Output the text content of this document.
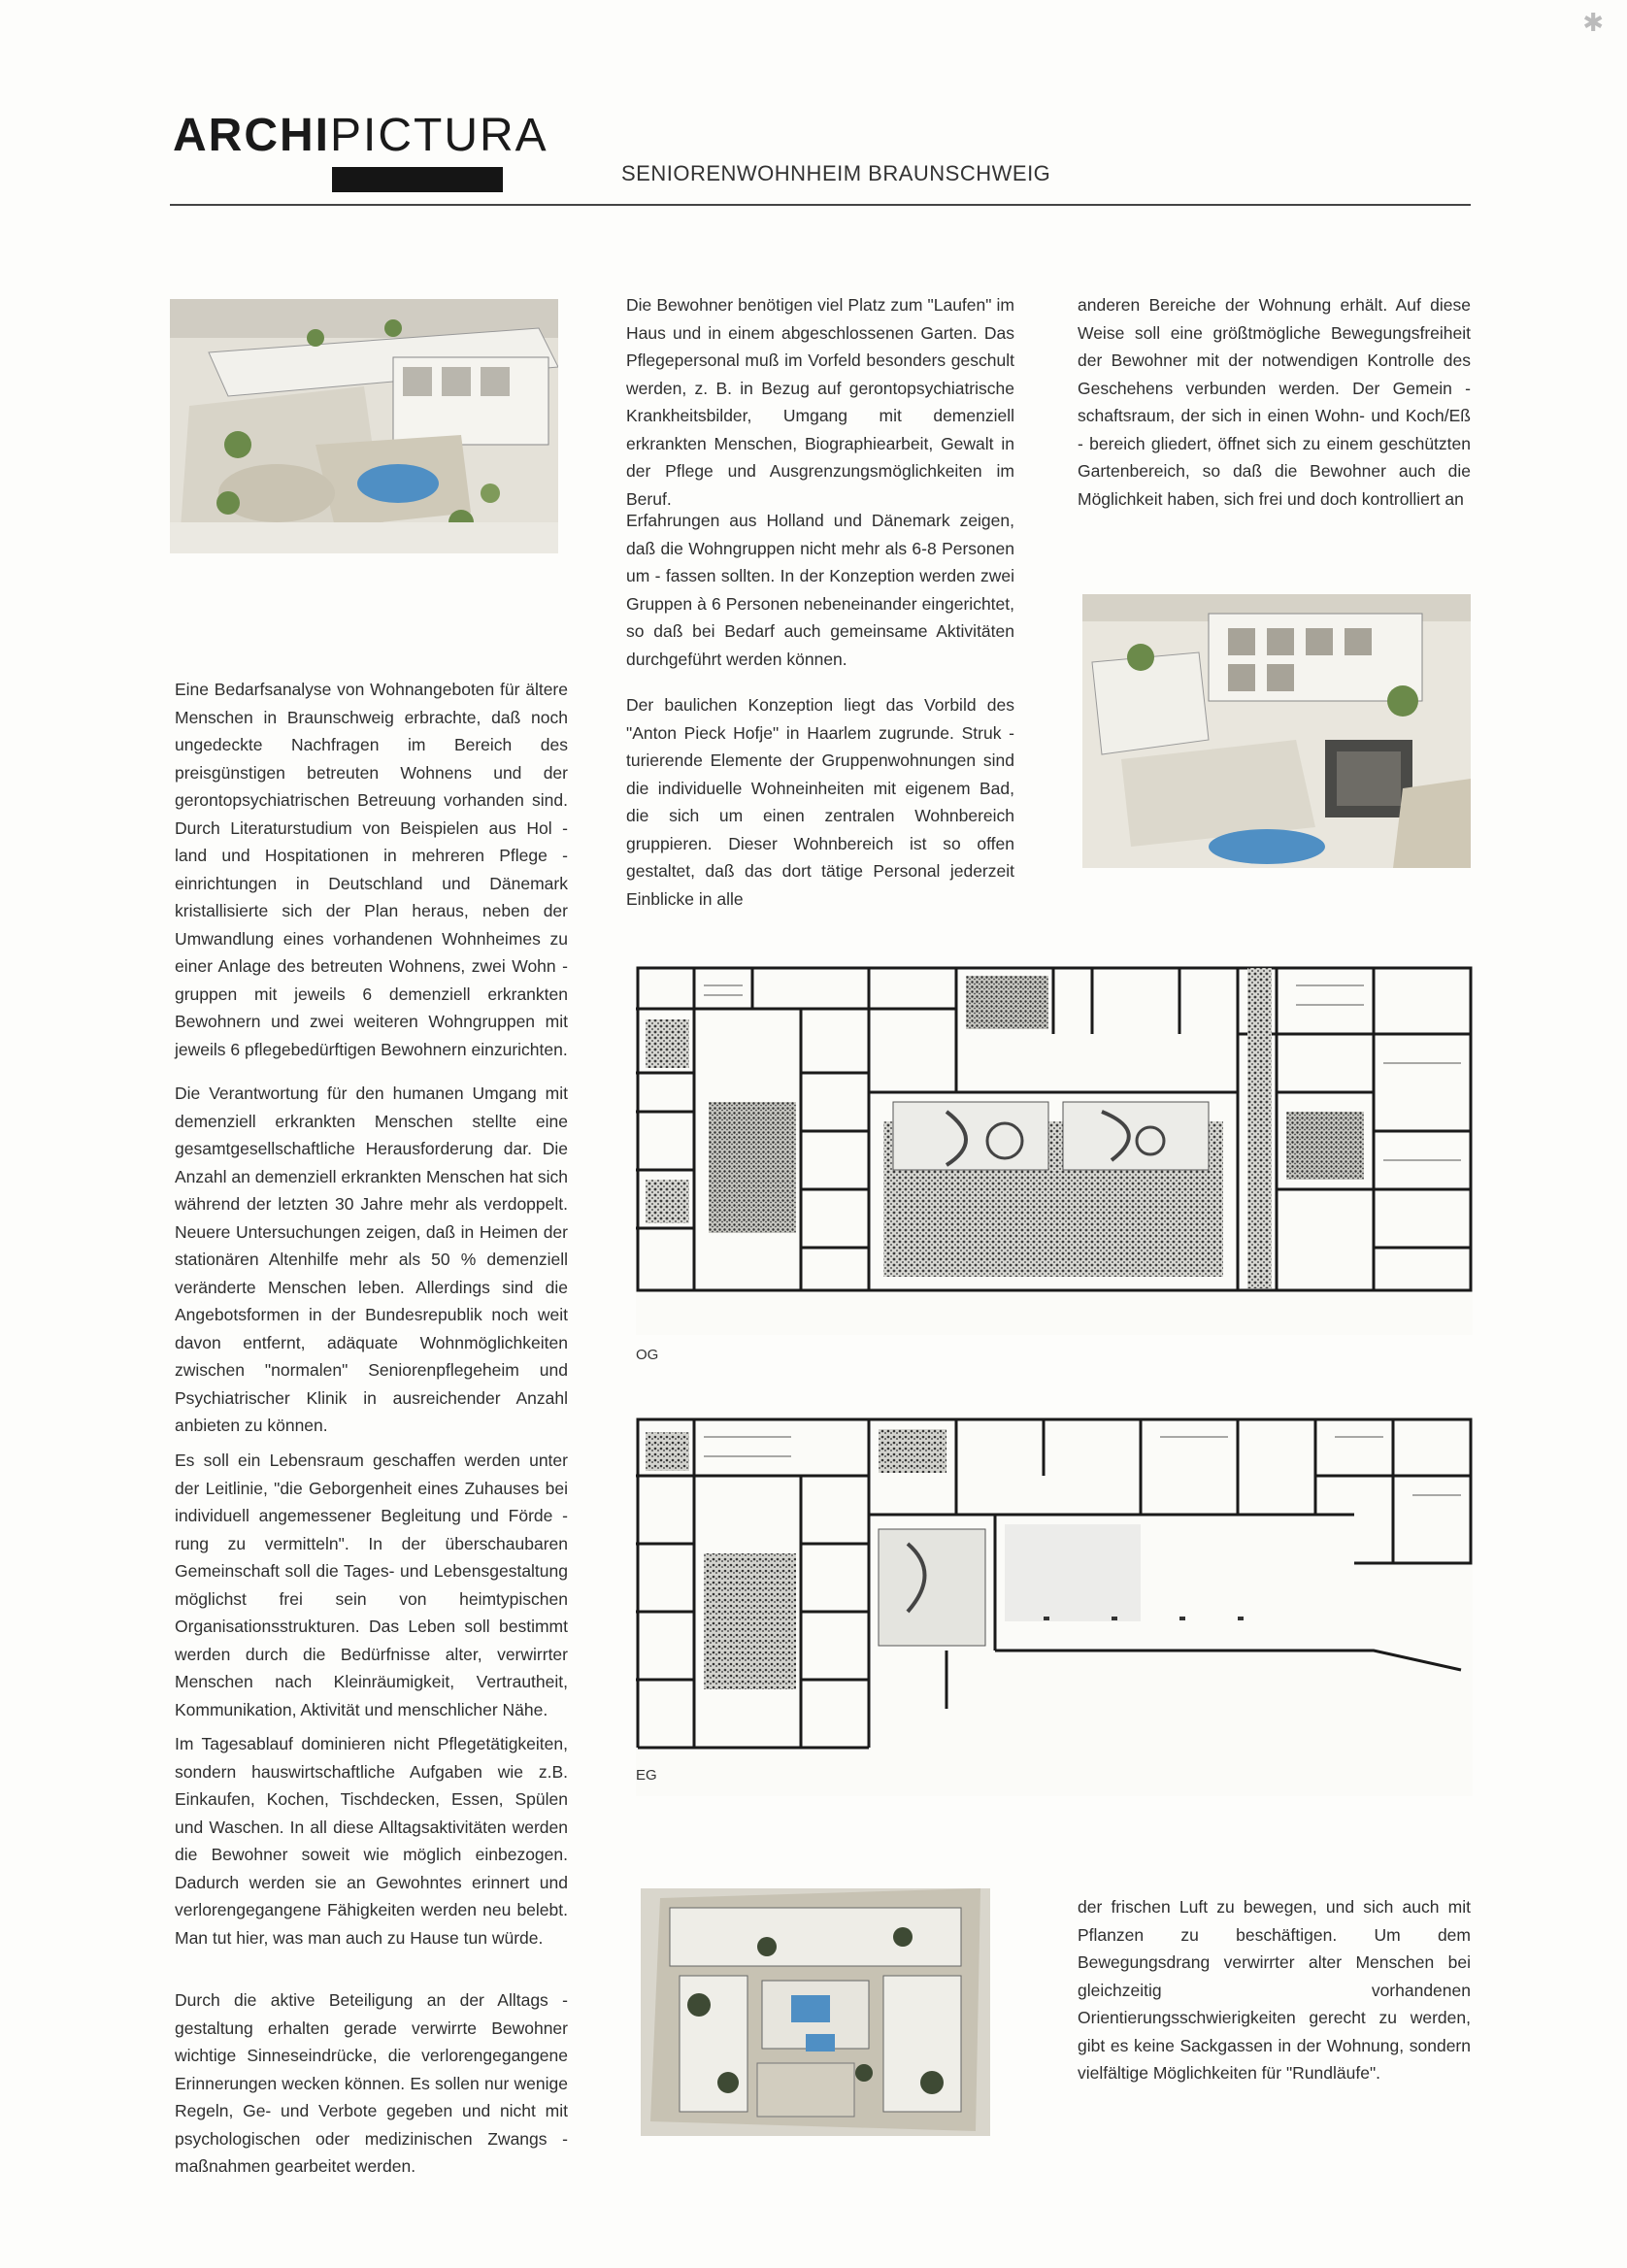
ARCHIPICTURA
SENIORENWOHNHEIM BRAUNSCHWEIG
✱

Eine Bedarfsanalyse von Wohnangeboten für ältere Menschen in Braunschweig erbrachte, daß noch ungedeckte Nachfragen im Bereich des preisgünstigen betreuten Wohnens und der gerontopsychiatrischen Betreuung vorhanden sind. Durch Literaturstudium von Beispielen aus Hol - land und Hospitationen in mehreren Pflege - einrichtungen in Deutschland und Dänemark kristallisierte sich der Plan heraus, neben der Umwandlung eines vorhandenen Wohnheimes zu einer Anlage des betreuten Wohnens, zwei Wohn - gruppen mit jeweils 6 demenziell erkrankten Bewohnern und zwei weiteren Wohngruppen mit jeweils 6 pflegebedürftigen Bewohnern einzurichten.

Die Verantwortung für den humanen Umgang mit demenziell erkrankten Menschen stellte eine gesamtgesellschaftliche Herausforderung dar. Die Anzahl an demenziell erkrankten Menschen hat sich während der letzten 30 Jahre mehr als verdoppelt. Neuere Untersuchungen zeigen, daß in Heimen der stationären Altenhilfe mehr als 50 % demenziell veränderte Menschen leben. Allerdings sind die Angebotsformen in der Bundesrepublik noch weit davon entfernt, adäquate Wohnmöglichkeiten zwischen "normalen" Seniorenpflegeheim und Psychiatrischer Klinik in ausreichender Anzahl anbieten zu können.

Es soll ein Lebensraum geschaffen werden unter der Leitlinie, "die Geborgenheit eines Zuhauses bei individuell angemessener Begleitung und Förde - rung zu vermitteln". In der überschaubaren Gemeinschaft soll die Tages- und Lebensgestaltung möglichst frei sein von heimtypischen Organisationsstrukturen. Das Leben soll bestimmt werden durch die Bedürfnisse alter, verwirrter Menschen nach Kleinräumigkeit, Vertrautheit, Kommunikation, Aktivität und menschlicher Nähe.

Im Tagesablauf dominieren nicht Pflegetätigkeiten, sondern hauswirtschaftliche Aufgaben wie z.B. Einkaufen, Kochen, Tischdecken, Essen, Spülen und Waschen. In all diese Alltagsaktivitäten werden die Bewohner soweit wie möglich einbezogen. Dadurch werden sie an Gewohntes erinnert und verlorengegangene Fähigkeiten werden neu belebt. Man tut hier, was man auch zu Hause tun würde.

Durch die aktive Beteiligung an der Alltags - gestaltung erhalten gerade verwirrte Bewohner wichtige Sinneseindrücke, die verlorengegangene Erinnerungen wecken können. Es sollen nur wenige Regeln, Ge- und Verbote gegeben und nicht mit psychologischen oder medizinischen Zwangs - maßnahmen gearbeitet werden.

Die Bewohner benötigen viel Platz zum "Laufen" im Haus und in einem abgeschlossenen Garten. Das Pflegepersonal muß im Vorfeld besonders geschult werden, z. B. in Bezug auf gerontopsychiatrische Krankheitsbilder, Umgang mit demenziell erkrankten Menschen, Biographiearbeit, Gewalt in der Pflege und Ausgrenzungsmöglichkeiten im Beruf.

Erfahrungen aus Holland und Dänemark zeigen, daß die Wohngruppen nicht mehr als 6-8 Personen um - fassen sollten. In der Konzeption werden zwei Gruppen à 6 Personen nebeneinander eingerichtet, so daß bei Bedarf auch gemeinsame Aktivitäten durchgeführt werden können.

Der baulichen Konzeption liegt das Vorbild des "Anton Pieck Hofje" in Haarlem zugrunde. Struk - turierende Elemente der Gruppenwohnungen sind die individuelle Wohneinheiten mit eigenem Bad, die sich um einen zentralen Wohnbereich gruppieren. Dieser Wohnbereich ist so offen gestaltet, daß das dort tätige Personal jederzeit Einblicke in alle

anderen Bereiche der Wohnung erhält. Auf diese Weise soll eine größtmögliche Bewegungsfreiheit der Bewohner mit der notwendigen Kontrolle des Geschehens verbunden werden. Der Gemein - schaftsraum, der sich in einen Wohn- und Koch/Eß - bereich gliedert, öffnet sich zu einem geschützten Gartenbereich, so daß die Bewohner auch die Möglichkeit haben, sich frei und doch kontrolliert an

OG
EG

der frischen Luft zu bewegen, und sich auch mit Pflanzen zu beschäftigen. Um dem Bewegungsdrang verwirrter alter Menschen bei gleichzeitig vorhandenen Orientierungsschwierigkeiten gerecht zu werden, gibt es keine Sackgassen in der Wohnung, sondern vielfältige Möglichkeiten für "Rundläufe".
